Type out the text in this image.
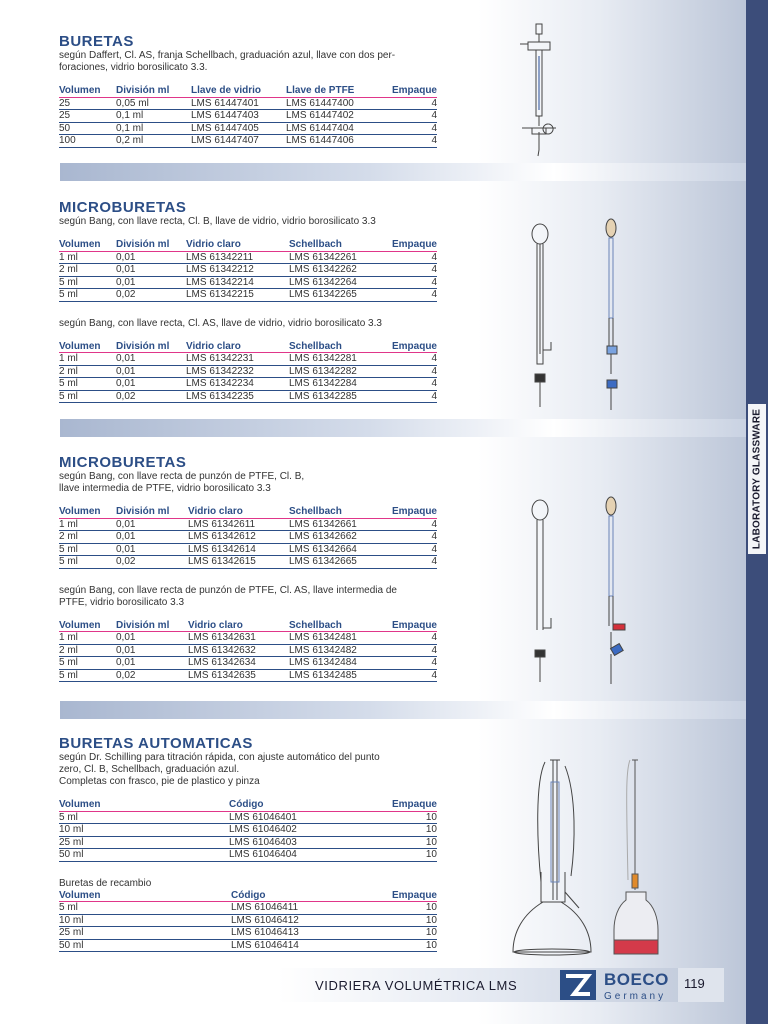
LABORATORY GLASSWARE
BURETAS

según Daffert, Cl. AS, franja Schellbach, graduación azul, llave con dos per-
foraciones, vidrio borosilicato 3.3.

Volumen	División ml	Llave de vidrio	Llave de PTFE	Empaque
25	0,05 ml	LMS 61447401	LMS 61447400	4
25	0,1 ml	LMS 61447403	LMS 61447402	4
50	0,1 ml	LMS 61447405	LMS 61447404	4
100	0,2 ml	LMS 61447407	LMS 61447406	4
MICROBURETAS

según Bang, con llave recta, Cl. B, llave de vidrio, vidrio borosilicato 3.3

Volumen	División ml	Vidrio claro	Schellbach	Empaque
1 ml	0,01	LMS 61342211	LMS 61342261	4
2 ml	0,01	LMS 61342212	LMS 61342262	4
5 ml	0,01	LMS 61342214	LMS 61342264	4
5 ml	0,02	LMS 61342215	LMS 61342265	4

según Bang, con llave recta, Cl. AS, llave de vidrio, vidrio borosilicato 3.3

Volumen	División ml	Vidrio claro	Schellbach	Empaque
1 ml	0,01	LMS 61342231	LMS 61342281	4
2 ml	0,01	LMS 61342232	LMS 61342282	4
5 ml	0,01	LMS 61342234	LMS 61342284	4
5 ml	0,02	LMS 61342235	LMS 61342285	4
MICROBURETAS

según Bang, con llave recta de punzón de PTFE, Cl. B,
llave intermedia de PTFE, vidrio borosilicato 3.3

Volumen	División ml	Vidrio claro	Schellbach	Empaque
1 ml	0,01	LMS 61342611	LMS 61342661	4
2 ml	0,01	LMS 61342612	LMS 61342662	4
5 ml	0,01	LMS 61342614	LMS 61342664	4
5 ml	0,02	LMS 61342615	LMS 61342665	4

según Bang, con llave recta de punzón de PTFE, Cl. AS, llave intermedia de
PTFE, vidrio borosilicato 3.3

Volumen	División ml	Vidrio claro	Schellbach	Empaque
1 ml	0,01	LMS 61342631	LMS 61342481	4
2 ml	0,01	LMS 61342632	LMS 61342482	4
5 ml	0,01	LMS 61342634	LMS 61342484	4
5 ml	0,02	LMS 61342635	LMS 61342485	4
BURETAS AUTOMATICAS

según Dr. Schilling para titración rápida, con ajuste automático del punto
zero, Cl. B, Schellbach, graduación azul.
Completas con frasco, pie de plastico y pinza

Volumen	Código	Empaque
5 ml	LMS 61046401	10
10 ml	LMS 61046402	10
25 ml	LMS 61046403	10
50 ml	LMS 61046404	10

Buretas de recambio

Volumen	Código	Empaque
5 ml	LMS 61046411	10
10 ml	LMS 61046412	10
25 ml	LMS 61046413	10
50 ml	LMS 61046414	10
VIDRIERA VOLUMÉTRICA LMS	BOECO
Germany
119
